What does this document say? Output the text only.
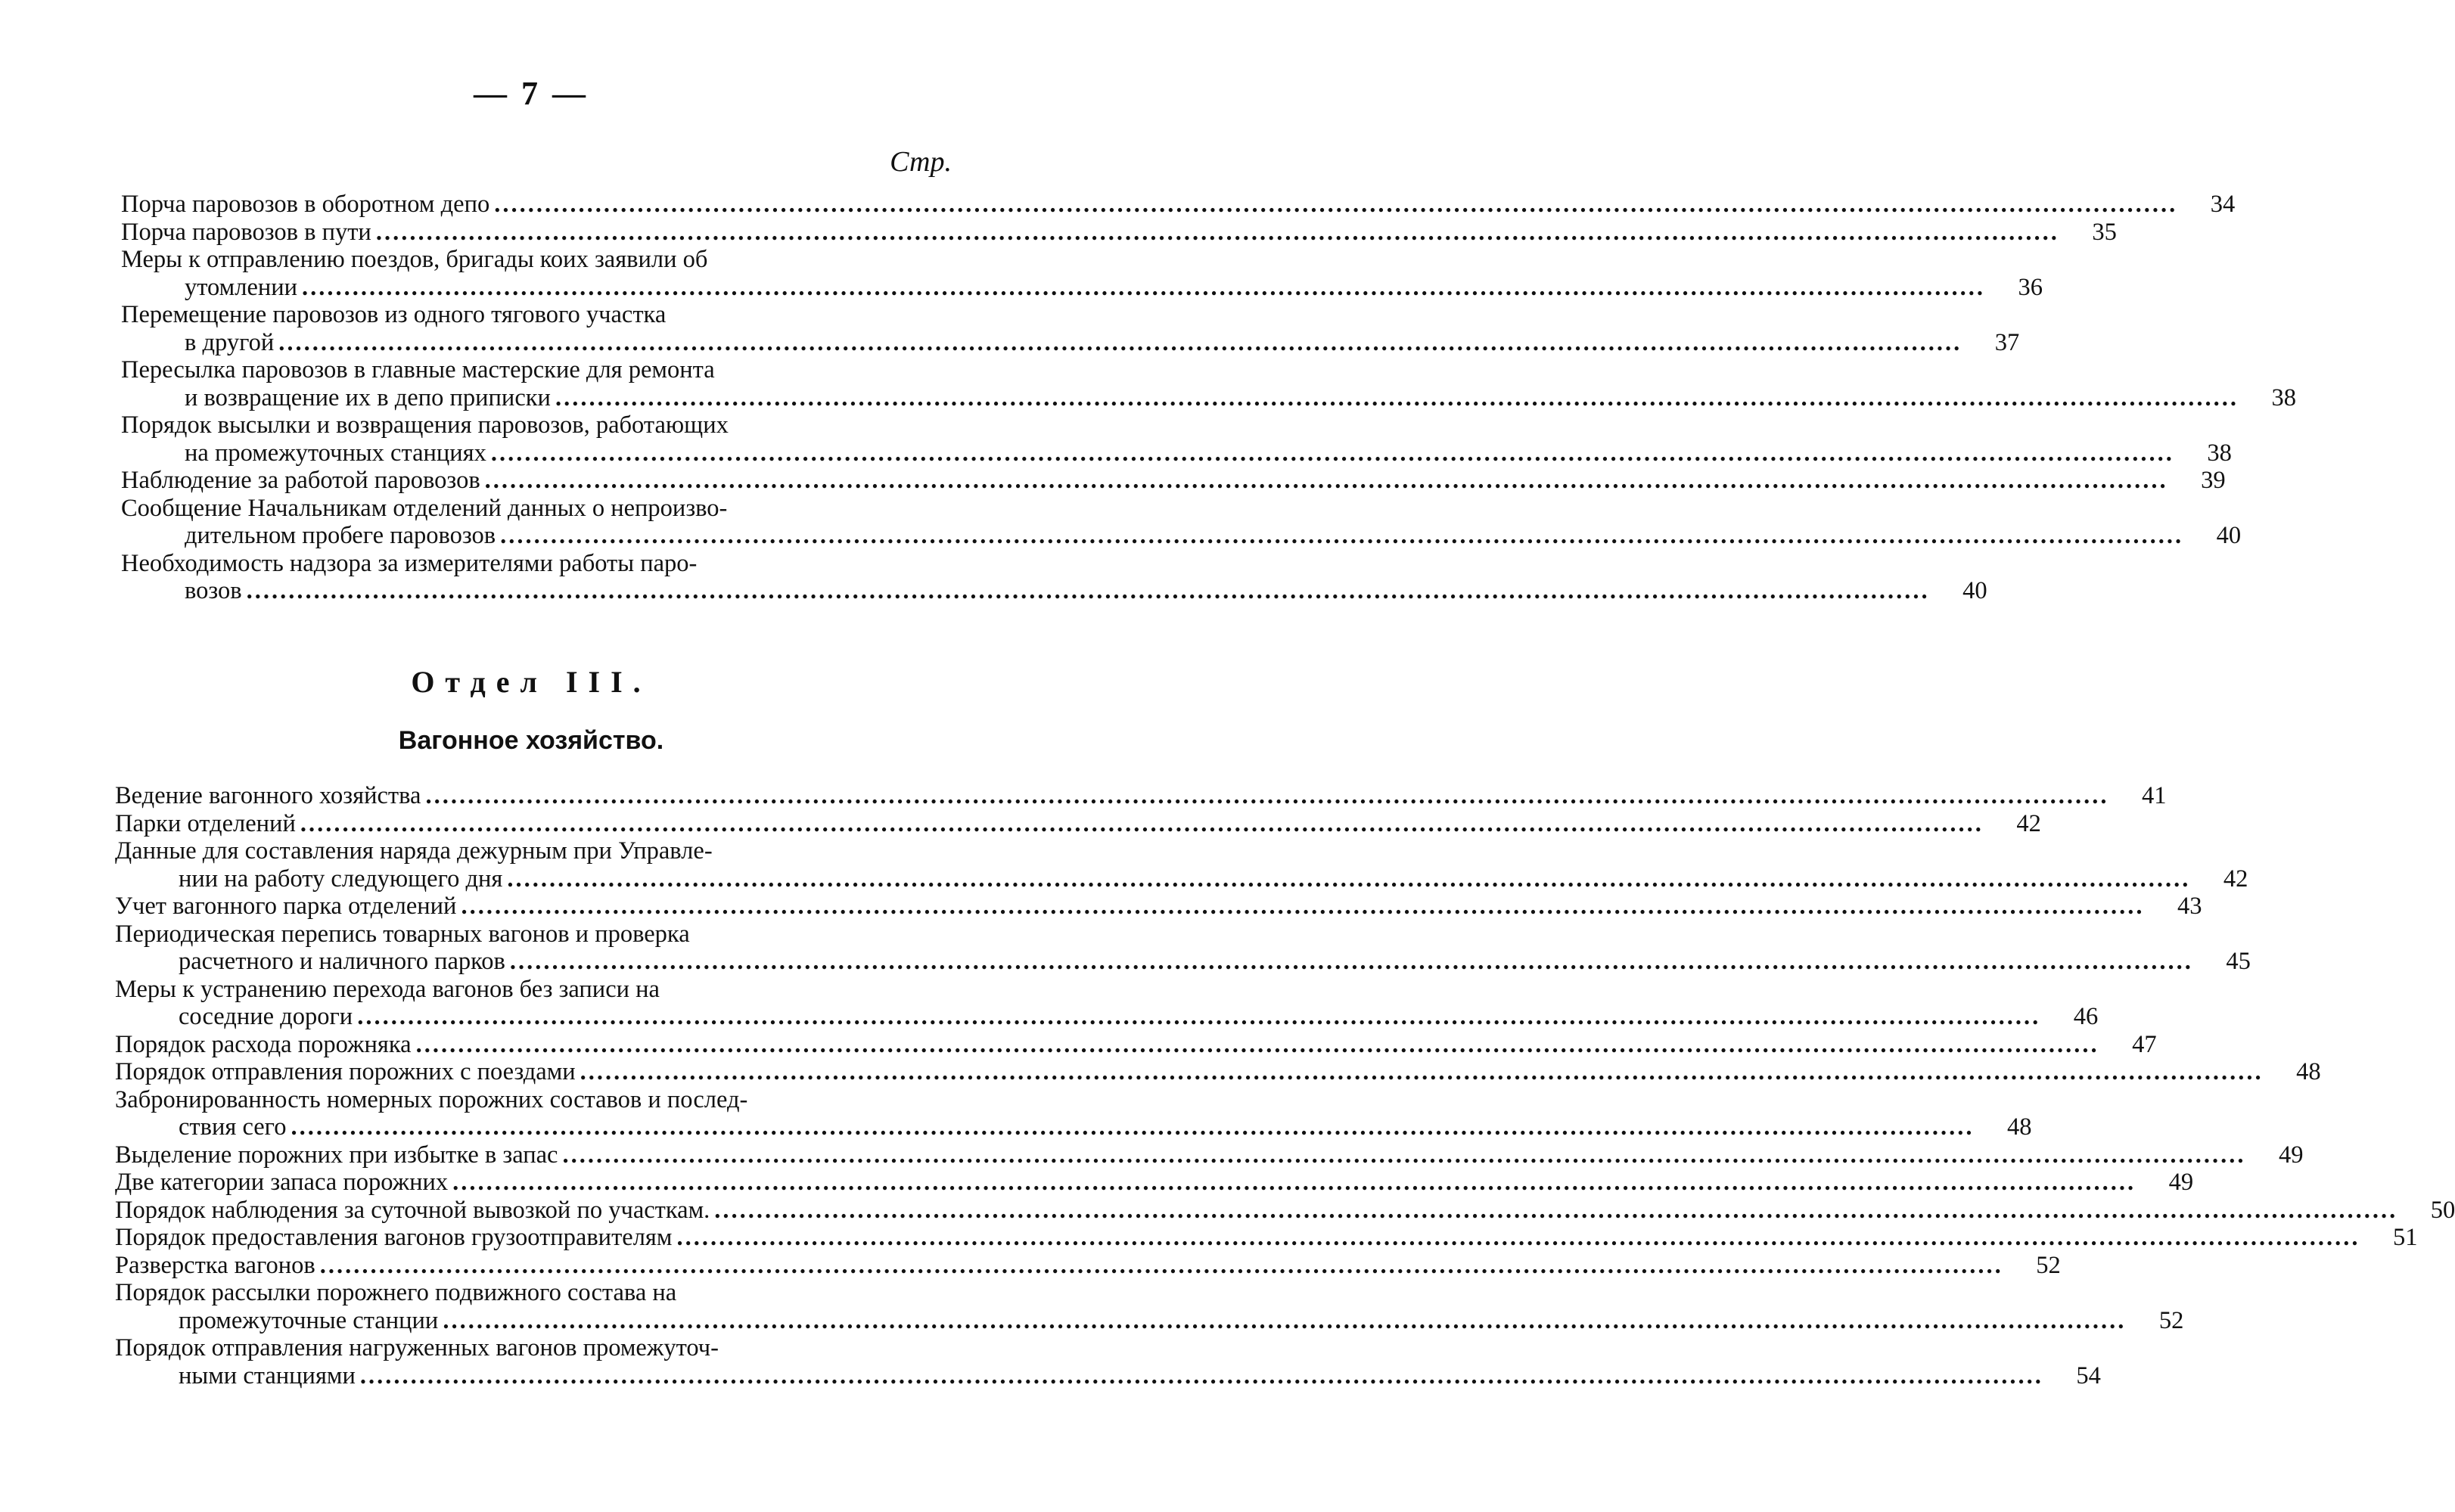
— 7 —
Стр.
Порча паровозов в оборотном депо ........................................................................................................................................................................................................	34
Порча паровозов в пути ........................................................................................................................................................................................................	35
Меры к отправлению поездов, бригады коих заявили об
утомлении ........................................................................................................................................................................................................	36
Перемещение паровозов из одного тягового участка
в другой ........................................................................................................................................................................................................	37
Пересылка паровозов в главные мастерские для ремонта
и возвращение их в депо приписки ........................................................................................................................................................................................................	38
Порядок высылки и возвращения паровозов, работающих
на промежуточных станциях ........................................................................................................................................................................................................	38
Наблюдение за работой паровозов ........................................................................................................................................................................................................	39
Сообщение Начальникам отделений данных о непроизво-
дительном пробеге паровозов ........................................................................................................................................................................................................	40
Необходимость надзора за измерителями работы паро-
возов ........................................................................................................................................................................................................	40
Отдел III.
Вагонное хозяйство.
Ведение вагонного хозяйства ........................................................................................................................................................................................................	41
Парки отделений ........................................................................................................................................................................................................	42
Данные для составления наряда дежурным при Управле-
нии на работу следующего дня ........................................................................................................................................................................................................	42
Учет вагонного парка отделений ........................................................................................................................................................................................................	43
Периодическая перепись товарных вагонов и проверка
расчетного и наличного парков ........................................................................................................................................................................................................	45
Меры к устранению перехода вагонов без записи на
соседние дороги ........................................................................................................................................................................................................	46
Порядок расхода порожняка ........................................................................................................................................................................................................	47
Порядок отправления порожних с поездами ........................................................................................................................................................................................................	48
Забронированность номерных порожних составов и послед-
ствия сего ........................................................................................................................................................................................................	48
Выделение порожних при избытке в запас ........................................................................................................................................................................................................	49
Две категории запаса порожних ........................................................................................................................................................................................................	49
Порядок наблюдения за суточной вывозкой по участкам. ........................................................................................................................................................................................................	50
Порядок предоставления вагонов грузоотправителям ........................................................................................................................................................................................................	51
Разверстка вагонов ........................................................................................................................................................................................................	52
Порядок рассылки порожнего подвижного состава на
промежуточные станции ........................................................................................................................................................................................................	52
Порядок отправления нагруженных вагонов промежуточ-
ными станциями ........................................................................................................................................................................................................	54
